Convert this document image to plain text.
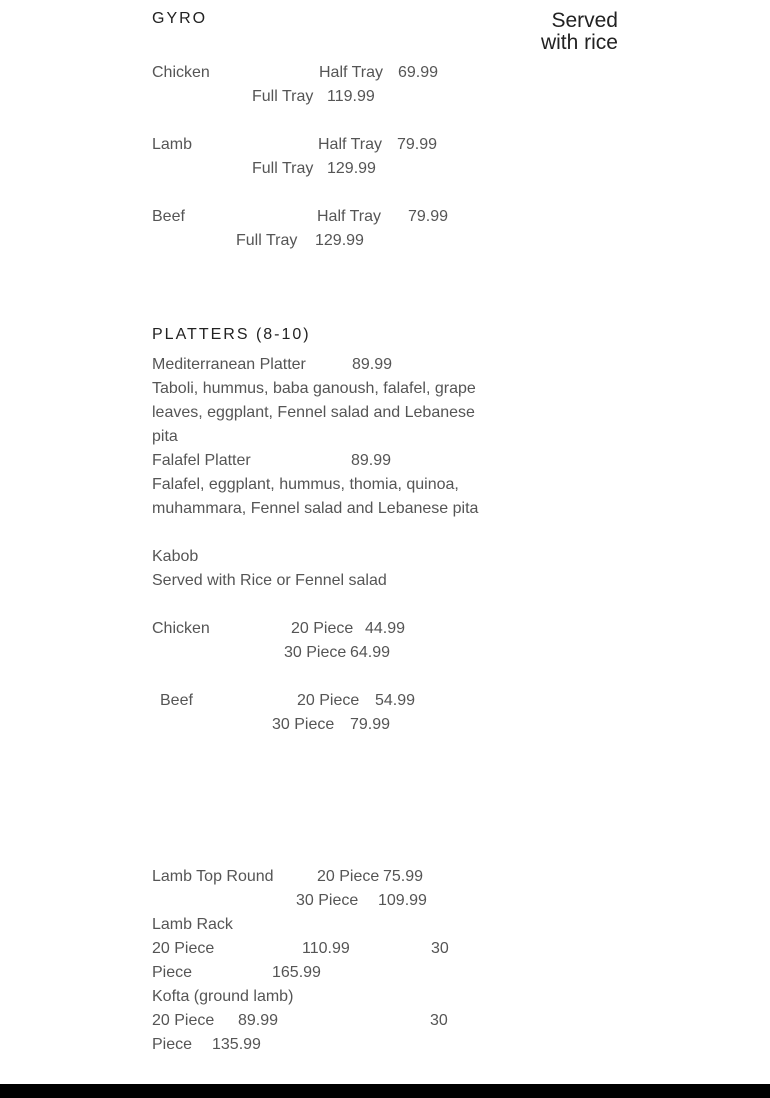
GYRO	Served
with rice
Chicken	Half Tray 69.99
Full Tray 119.99
Lamb	Half Tray 79.99
Full Tray 129.99
Beef	Half Tray 79.99
Full Tray 129.99
PLATTERS (8-10)
Mediterranean Platter	89.99
Taboli, hummus, baba ganoush, falafel, grape leaves, eggplant, Fennel salad and Lebanese pita
Falafel Platter	89.99
Falafel, eggplant, hummus, thomia, quinoa, muhammara, Fennel salad and Lebanese pita
Kabob
Served with Rice or Fennel salad
Chicken	20 Piece 44.99
30 Piece 64.99
Beef	20 Piece 54.99
30 Piece 79.99
Lamb Top Round	20 Piece 75.99
30 Piece 109.99
Lamb Rack
20 Piece	110.99	30
Piece	165.99
Kofta (ground lamb)
20 Piece 89.99	30
Piece 135.99
